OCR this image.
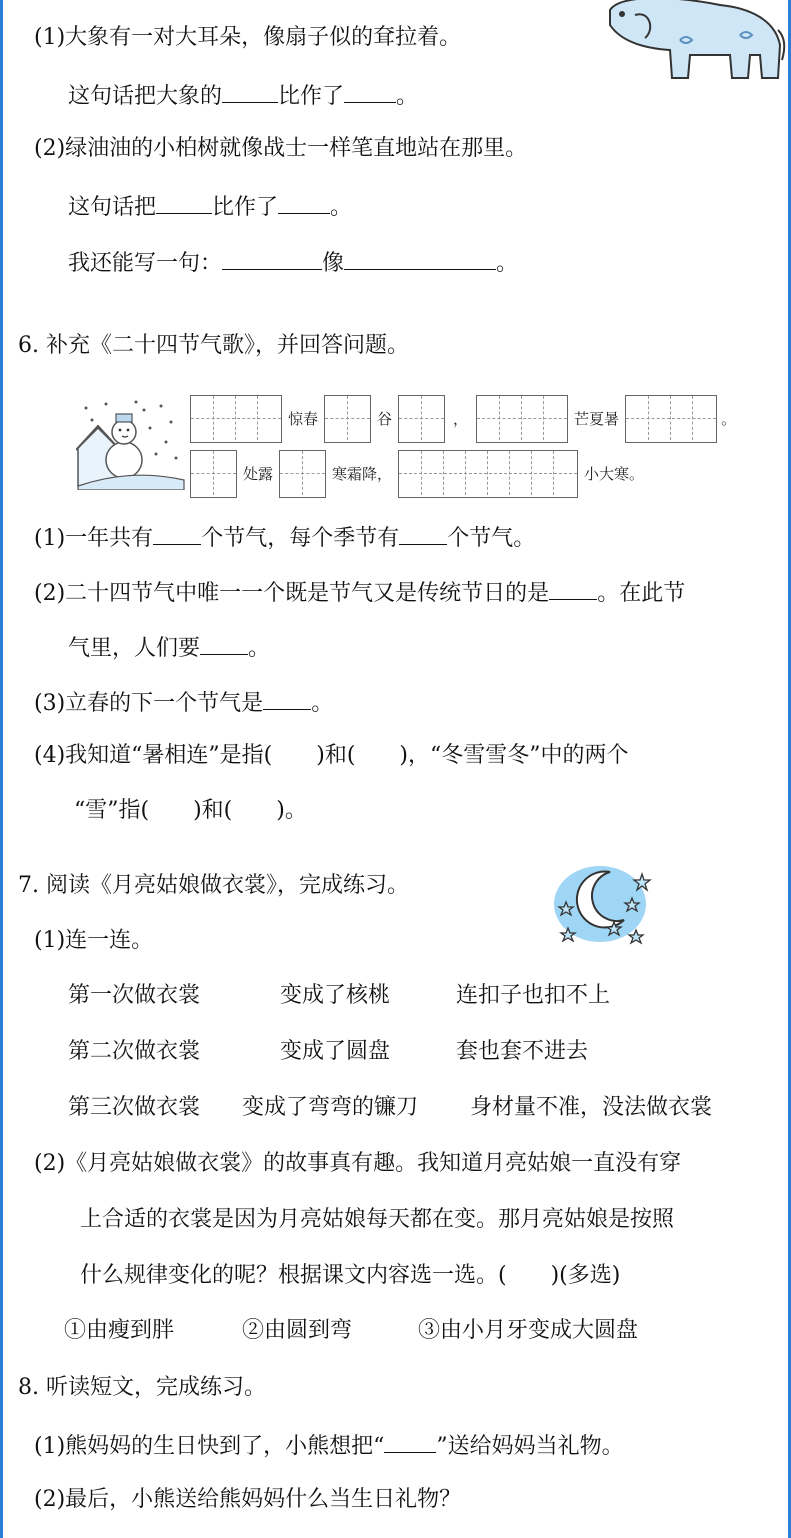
(1)大象有一对大耳朵，像扇子似的耷拉着。
这句话把大象的	比作了 。
(2)绿油油的小柏树就像战士一样笔直地站在那里。
这句话把	比作了 。
我还能写一句：	像	。
6. 补充《二十四节气歌》，并回答问题。
惊春	谷	，	芒夏暑	。
处露	寒霜降，	小大寒。
(1)一年共有 个节气，每个季节有 个节气。
(2)二十四节气中唯一一个既是节气又是传统节日的是 。在此节
气里，人们要 。
(3)立春的下一个节气是 。
(4)我知道“暑相连”是指(　　)和(　　)，“冬雪雪冬”中的两个
“雪”指(　　)和(　　)。
7. 阅读《月亮姑娘做衣裳》，完成练习。
(1)连一连。
第一次做衣裳	变成了核桃	连扣子也扣不上
第二次做衣裳	变成了圆盘	套也套不进去
第三次做衣裳 变成了弯弯的镰刀 身材量不准，没法做衣裳
(2)《月亮姑娘做衣裳》的故事真有趣。我知道月亮姑娘一直没有穿
上合适的衣裳是因为月亮姑娘每天都在变。那月亮姑娘是按照
什么规律变化的呢？根据课文内容选一选。(　　)(多选)
①由瘦到胖	②由圆到弯	③由小月牙变成大圆盘
8. 听读短文，完成练习。
(1)熊妈妈的生日快到了，小熊想把“ ”送给妈妈当礼物。
(2)最后，小熊送给熊妈妈什么当生日礼物？
